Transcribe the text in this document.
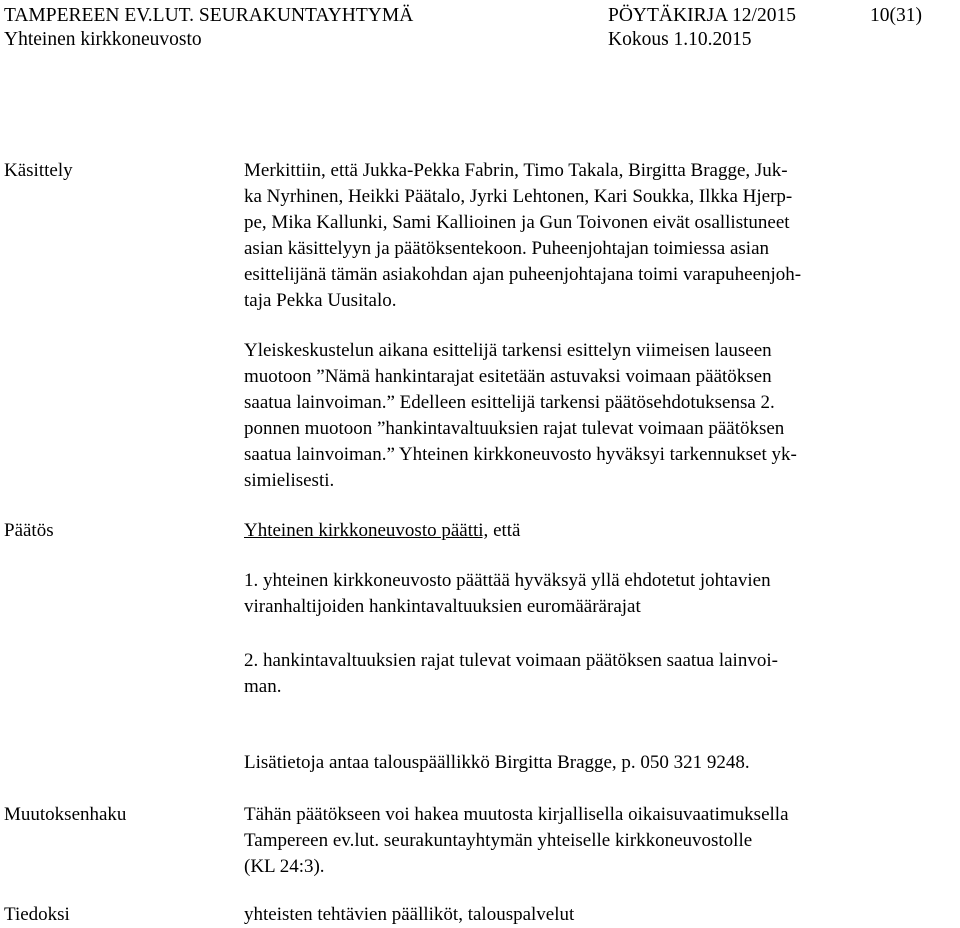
TAMPEREEN EV.LUT. SEURAKUNTAYHTYMÄ	PÖYTÄKIRJA 12/2015	10(31)
Yhteinen kirkkoneuvosto	Kokous 1.10.2015
Käsittely	Merkittiin, että Jukka-Pekka Fabrin, Timo Takala, Birgitta Bragge, Juk-
ka Nyrhinen, Heikki Päätalo, Jyrki Lehtonen, Kari Soukka, Ilkka Hjerp-
pe, Mika Kallunki, Sami Kallioinen ja Gun Toivonen eivät osallistuneet
asian käsittelyyn ja päätöksentekoon. Puheenjohtajan toimiessa asian
esittelijänä tämän asiakohdan ajan puheenjohtajana toimi varapuheenjoh-
taja Pekka Uusitalo.
Yleiskeskustelun aikana esittelijä tarkensi esittelyn viimeisen lauseen
muotoon ”Nämä hankintarajat esitetään astuvaksi voimaan päätöksen
saatua lainvoiman.” Edelleen esittelijä tarkensi päätösehdotuksensa 2.
ponnen muotoon ”hankintavaltuuksien rajat tulevat voimaan päätöksen
saatua lainvoiman.” Yhteinen kirkkoneuvosto hyväksyi tarkennukset yk-
simielisesti.
Päätös	Yhteinen kirkkoneuvosto päätti, että
1. yhteinen kirkkoneuvosto päättää hyväksyä yllä ehdotetut johtavien
viranhaltijoiden hankintavaltuuksien euromäärärajat
2. hankintavaltuuksien rajat tulevat voimaan päätöksen saatua lainvoi-
man.
Lisätietoja antaa talouspäällikkö Birgitta Bragge, p. 050 321 9248.
Muutoksenhaku	Tähän päätökseen voi hakea muutosta kirjallisella oikaisuvaatimuksella
Tampereen ev.lut. seurakuntayhtymän yhteiselle kirkkoneuvostolle
(KL 24:3).
Tiedoksi	yhteisten tehtävien päälliköt, talouspalvelut
